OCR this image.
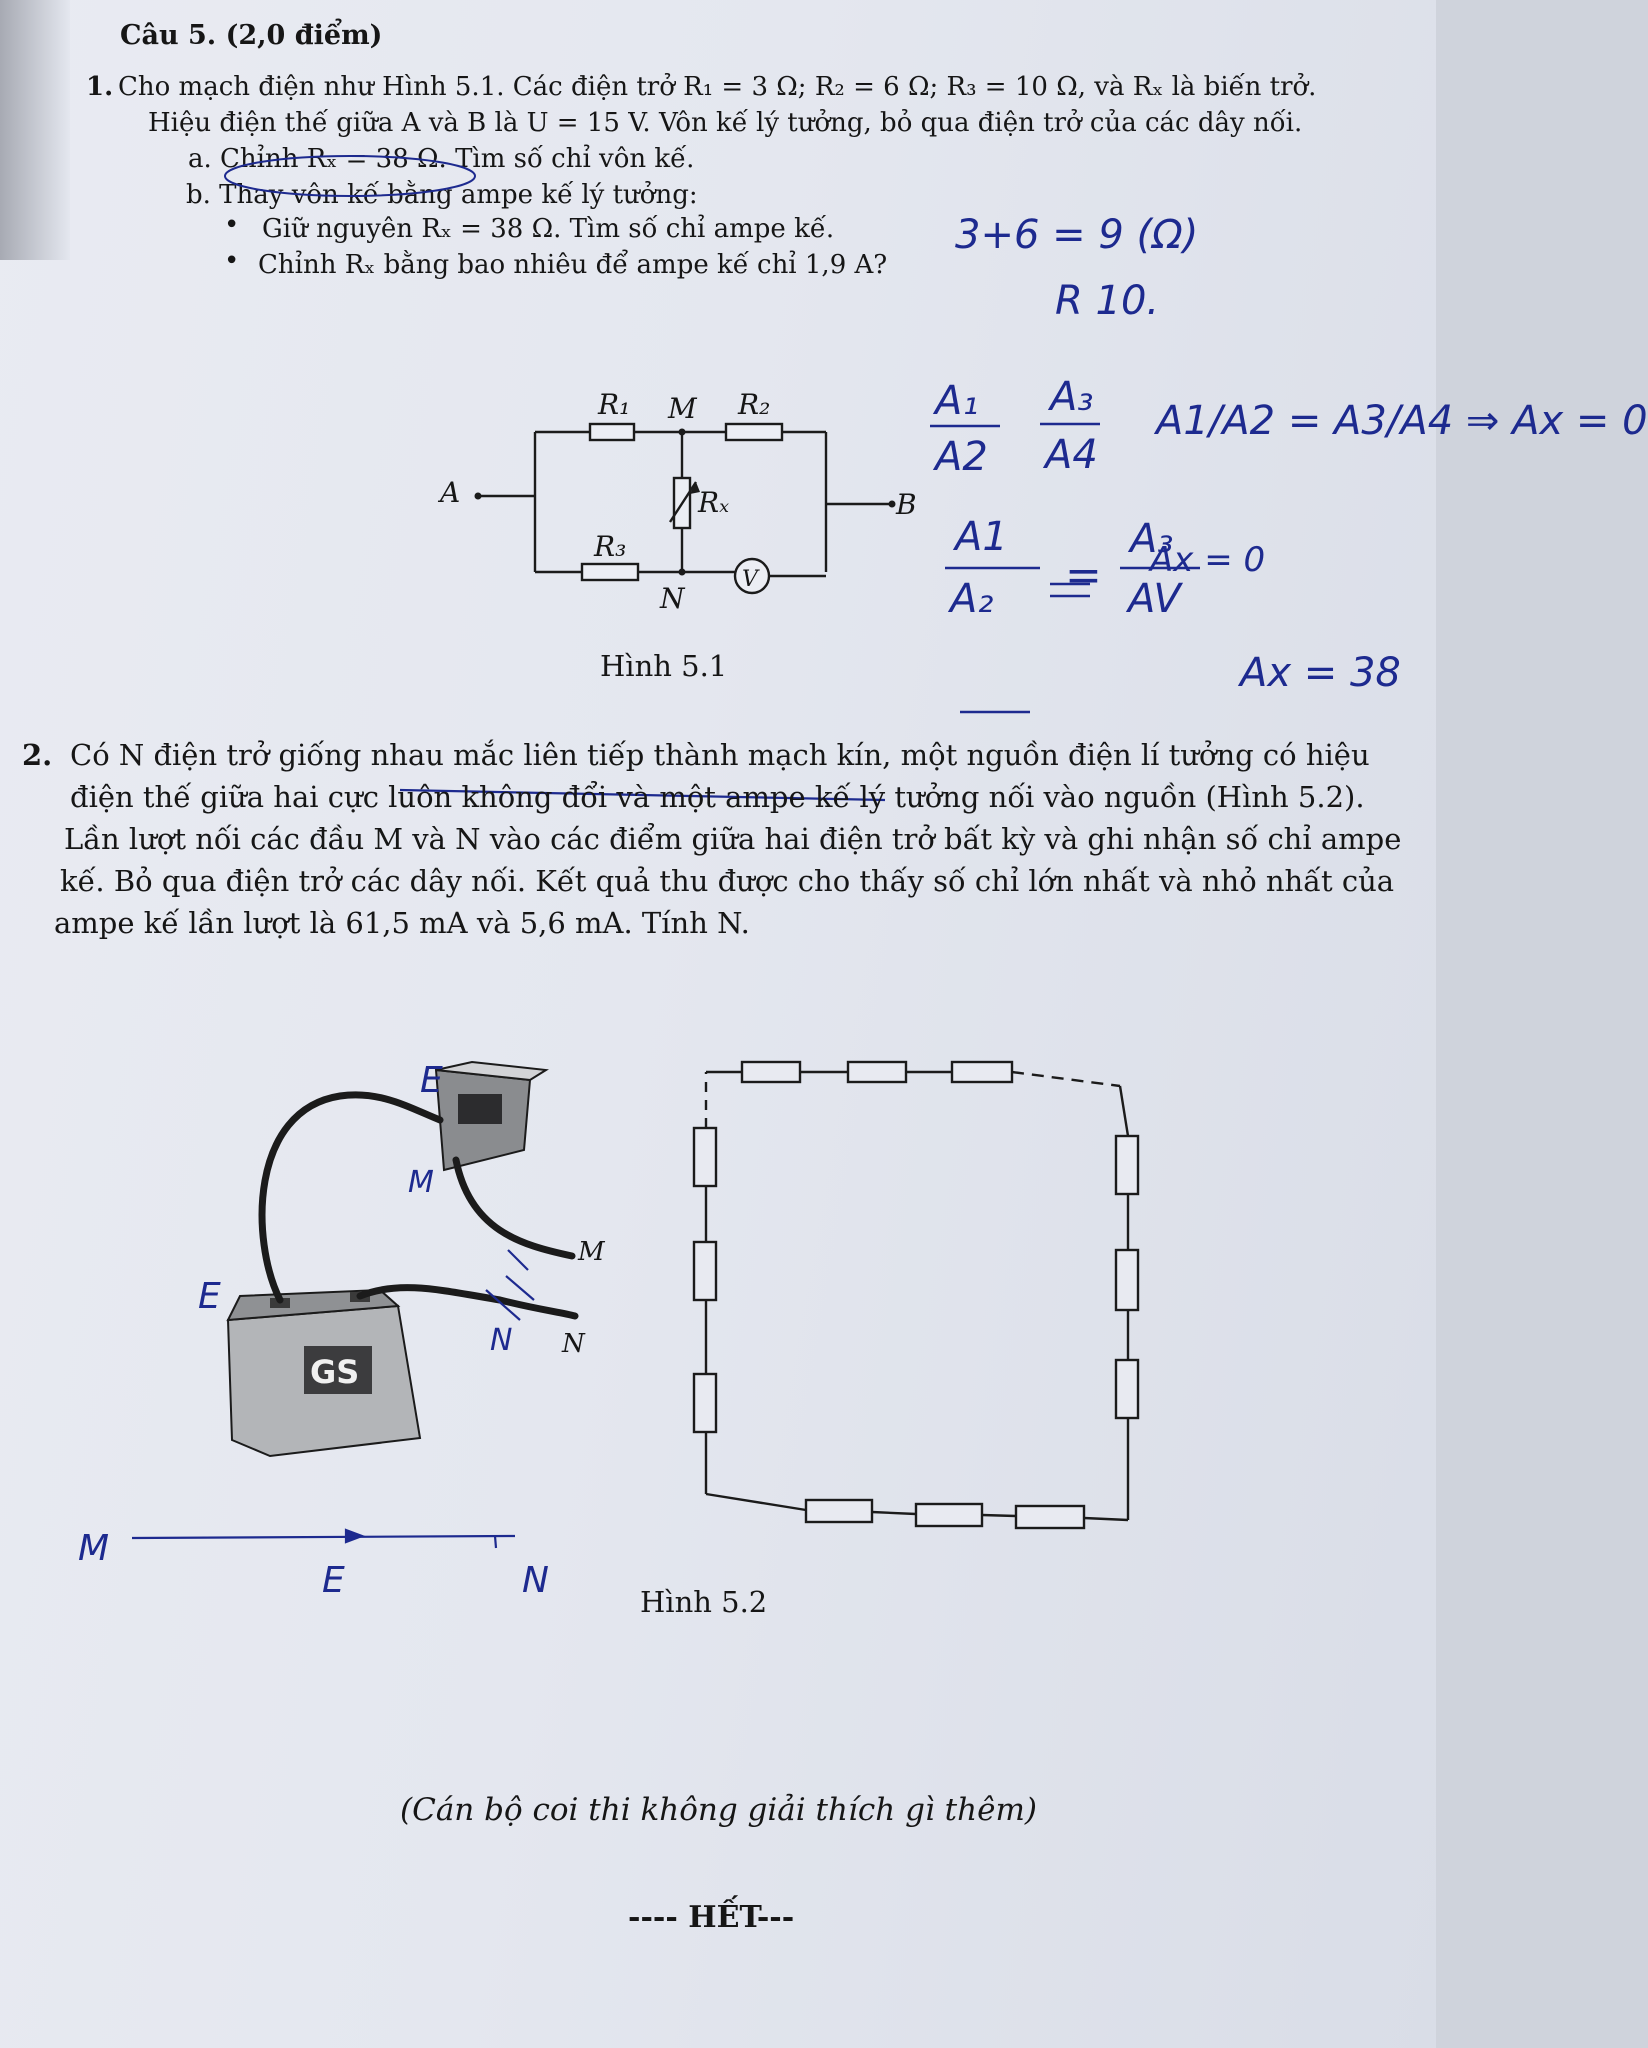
Câu 5. (2,0 điểm)
1. Cho mạch điện như Hình 5.1. Các điện trở R₁ = 3 Ω; R₂ = 6 Ω; R₃ = 10 Ω, và Rₓ là biến trở.
Hiệu điện thế giữa A và B là U = 15 V. Vôn kế lý tưởng, bỏ qua điện trở của các dây nối.
a. Chỉnh Rₓ = 38 Ω. Tìm số chỉ vôn kế.
b. Thay vôn kế bằng ampe kế lý tưởng:
• Giữ nguyên Rₓ = 38 Ω. Tìm số chỉ ampe kế.
• Chỉnh Rₓ bằng bao nhiêu để ampe kế chỉ 1,9 A?
3+6 = 9 (Ω)
R 10.
A1/A2 = A3/A4 ⇒ Ax = 0
Ax = 0
Ax = 38
R₁	R₂
M
Rₓ
R₃
N
A	B
V
Hình 5.1
A₁
A2
A₃
A4
A1
A₂
A₃
AV
=
GS
M
N
Hình 5.2
M
E	N
E
M
N
E
2. Có N điện trở giống nhau mắc liên tiếp thành mạch kín, một nguồn điện lí tưởng có hiệu
điện thế giữa hai cực luôn không đổi và một ampe kế lý tưởng nối vào nguồn (Hình 5.2).
Lần lượt nối các đầu M và N vào các điểm giữa hai điện trở bất kỳ và ghi nhận số chỉ ampe
kế. Bỏ qua điện trở các dây nối. Kết quả thu được cho thấy số chỉ lớn nhất và nhỏ nhất của
ampe kế lần lượt là 61,5 mA và 5,6 mA. Tính N.
(Cán bộ coi thi không giải thích gì thêm)
---- HẾT---
